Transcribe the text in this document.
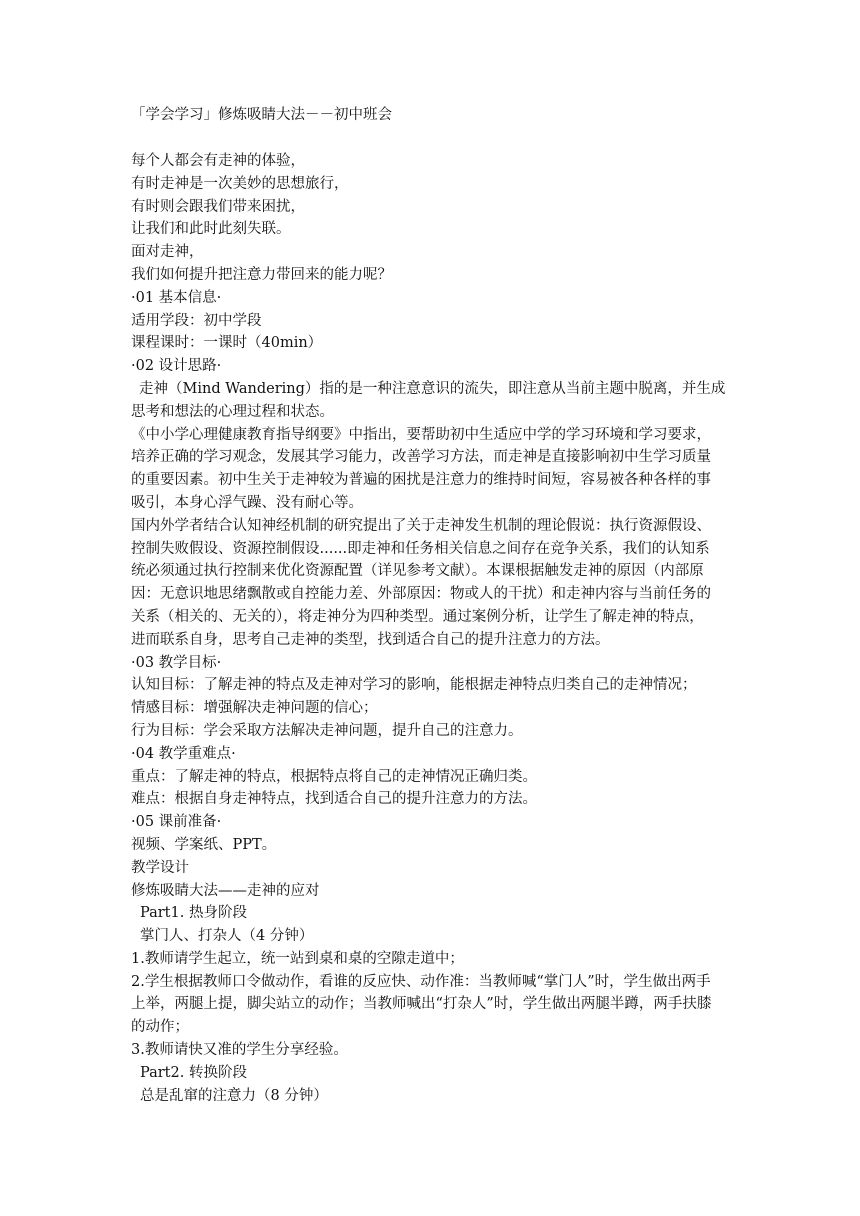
「学会学习」修炼吸睛大法－－初中班会
每个人都会有走神的体验，
有时走神是一次美妙的思想旅行，
有时则会跟我们带来困扰，
让我们和此时此刻失联。
面对走神，
我们如何提升把注意力带回来的能力呢？
·01 基本信息·
适用学段：初中学段
课程课时：一课时（40min）
·02 设计思路·
走神（Mind Wandering）指的是一种注意意识的流失，即注意从当前主题中脱离，并生成
思考和想法的心理过程和状态。
《中小学心理健康教育指导纲要》中指出，要帮助初中生适应中学的学习环境和学习要求，
培养正确的学习观念，发展其学习能力，改善学习方法，而走神是直接影响初中生学习质量
的重要因素。初中生关于走神较为普遍的困扰是注意力的维持时间短，容易被各种各样的事
吸引，本身心浮气躁、没有耐心等。
国内外学者结合认知神经机制的研究提出了关于走神发生机制的理论假说：执行资源假设、
控制失败假设、资源控制假设......即走神和任务相关信息之间存在竞争关系，我们的认知系
统必须通过执行控制来优化资源配置（详见参考文献）。本课根据触发走神的原因（内部原
因：无意识地思绪飘散或自控能力差、外部原因：物或人的干扰）和走神内容与当前任务的
关系（相关的、无关的），将走神分为四种类型。通过案例分析，让学生了解走神的特点，
进而联系自身，思考自己走神的类型，找到适合自己的提升注意力的方法。
·03 教学目标·
认知目标：了解走神的特点及走神对学习的影响，能根据走神特点归类自己的走神情况；
情感目标：增强解决走神问题的信心；
行为目标：学会采取方法解决走神问题，提升自己的注意力。
·04 教学重难点·
重点：了解走神的特点，根据特点将自己的走神情况正确归类。
难点：根据自身走神特点，找到适合自己的提升注意力的方法。
·05 课前准备·
视频、学案纸、PPT。
教学设计
修炼吸睛大法——走神的应对
Part1. 热身阶段
掌门人、打杂人（4 分钟）
1.教师请学生起立，统一站到桌和桌的空隙走道中；
2.学生根据教师口令做动作，看谁的反应快、动作准：当教师喊“掌门人”时，学生做出两手
上举，两腿上提，脚尖站立的动作；当教师喊出“打杂人”时，学生做出两腿半蹲，两手扶膝
的动作；
3.教师请快又准的学生分享经验。
Part2. 转换阶段
总是乱窜的注意力（8 分钟）
